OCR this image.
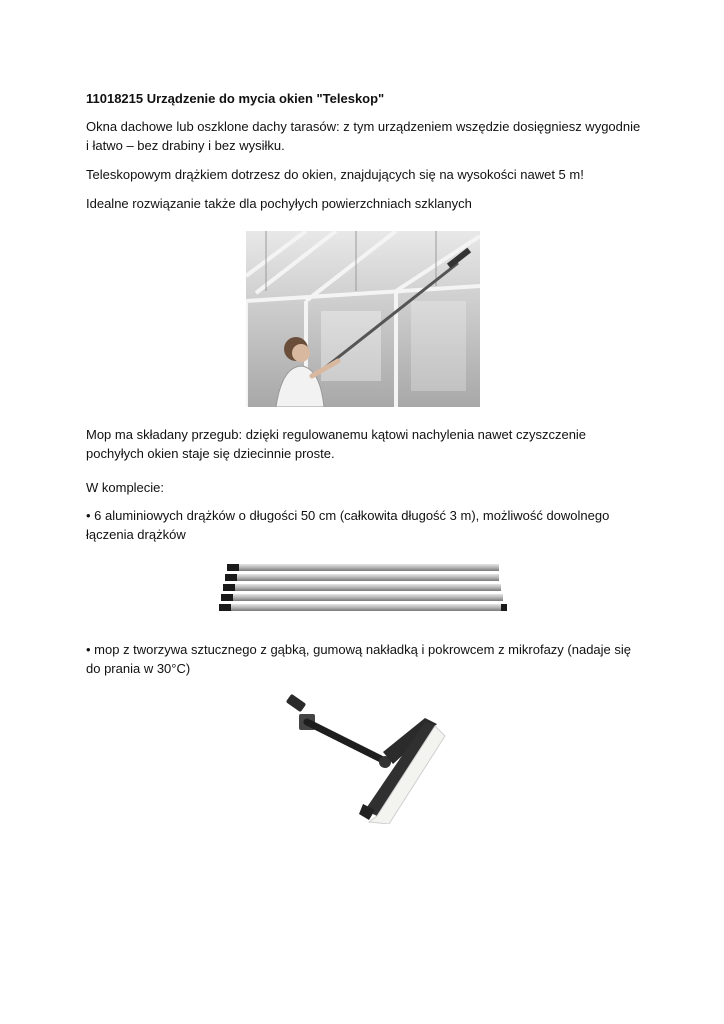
11018215 Urządzenie do mycia okien "Teleskop"

Okna dachowe lub oszklone dachy tarasów: z tym urządzeniem wszędzie dosięgniesz wygodnie i łatwo – bez drabiny i bez wysiłku.

Teleskopowym drążkiem dotrzesz do okien, znajdujących się na wysokości nawet 5 m!

Idealne rozwiązanie także dla pochyłych powierzchniach szklanych

Mop ma składany przegub: dzięki regulowanemu kątowi nachylenia nawet czyszczenie pochyłych okien staje się dziecinnie proste.

W komplecie:

• 6 aluminiowych drążków o długości 50 cm (całkowita długość 3 m), możliwość dowolnego łączenia drążków

• mop z tworzywa sztucznego z gąbką, gumową nakładką i pokrowcem z mikrofazy (nadaje się do prania w 30°C)
